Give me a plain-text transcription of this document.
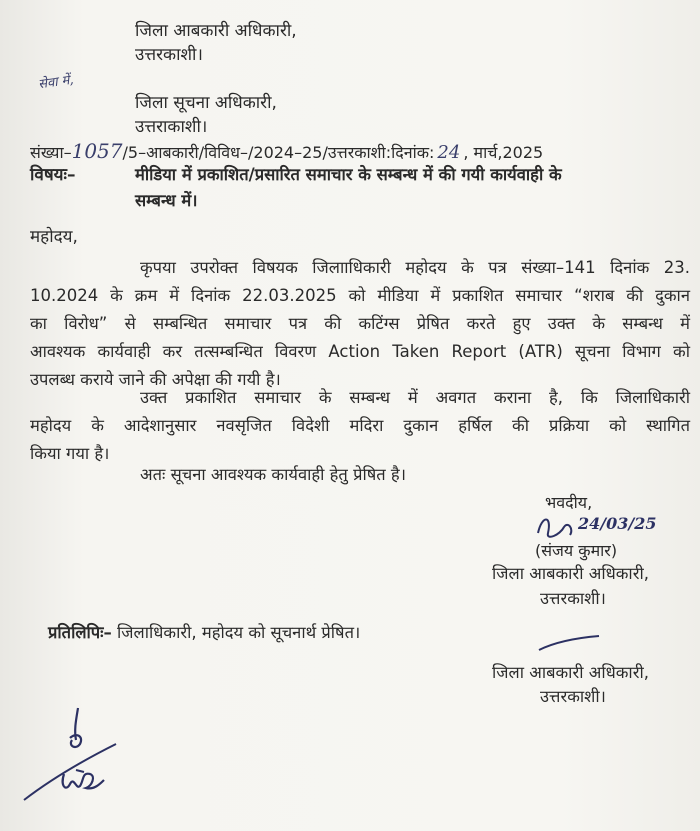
जिला आबकारी अधिकारी,
उत्तरकाशी।
सेवा में,
जिला सूचना अधिकारी,
उत्तराकाशी।
संख्या–1057/5–आबकारी/विविध–/2024–25/उत्तरकाशी:दिनांक: 24 , मार्च,2025
विषयः–	मीडिया में प्रकाशित/प्रसारित समाचार के सम्बन्ध में की गयी कार्यवाही के
सम्बन्ध में।
महोदय,
कृपया उपरोक्त विषयक जिलााधिकारी महोदय के पत्र संख्या–141 दिनांक 23.
10.2024 के क्रम में दिनांक 22.03.2025 को मीडिया में प्रकाशित समाचार “शराब की दुकान
का विरोध” से सम्बन्धित समाचार पत्र की कटिंग्स प्रेषित करते हुए उक्त के सम्बन्ध में
आवश्यक कार्यवाही कर तत्सम्बन्धित विवरण Action Taken Report (ATR) सूचना विभाग को
उपलब्ध कराये जाने की अपेक्षा की गयी है।
उक्त प्रकाशित समाचार के सम्बन्ध में अवगत कराना है, कि जिलाधिकारी
महोदय के आदेशानुसार नवसृजित विदेशी मदिरा दुकान हर्षिल की प्रक्रिया को स्थागित
किया गया है।
अतः सूचना आवश्यक कार्यवाही हेतु प्रेषित है।
भवदीय,
24/03/25
(संजय कुमार)
जिला आबकारी अधिकारी,
उत्तरकाशी।
प्रतिलिपिः– जिलाधिकारी, महोदय को सूचनार्थ प्रेषित।
जिला आबकारी अधिकारी,
उत्तरकाशी।
